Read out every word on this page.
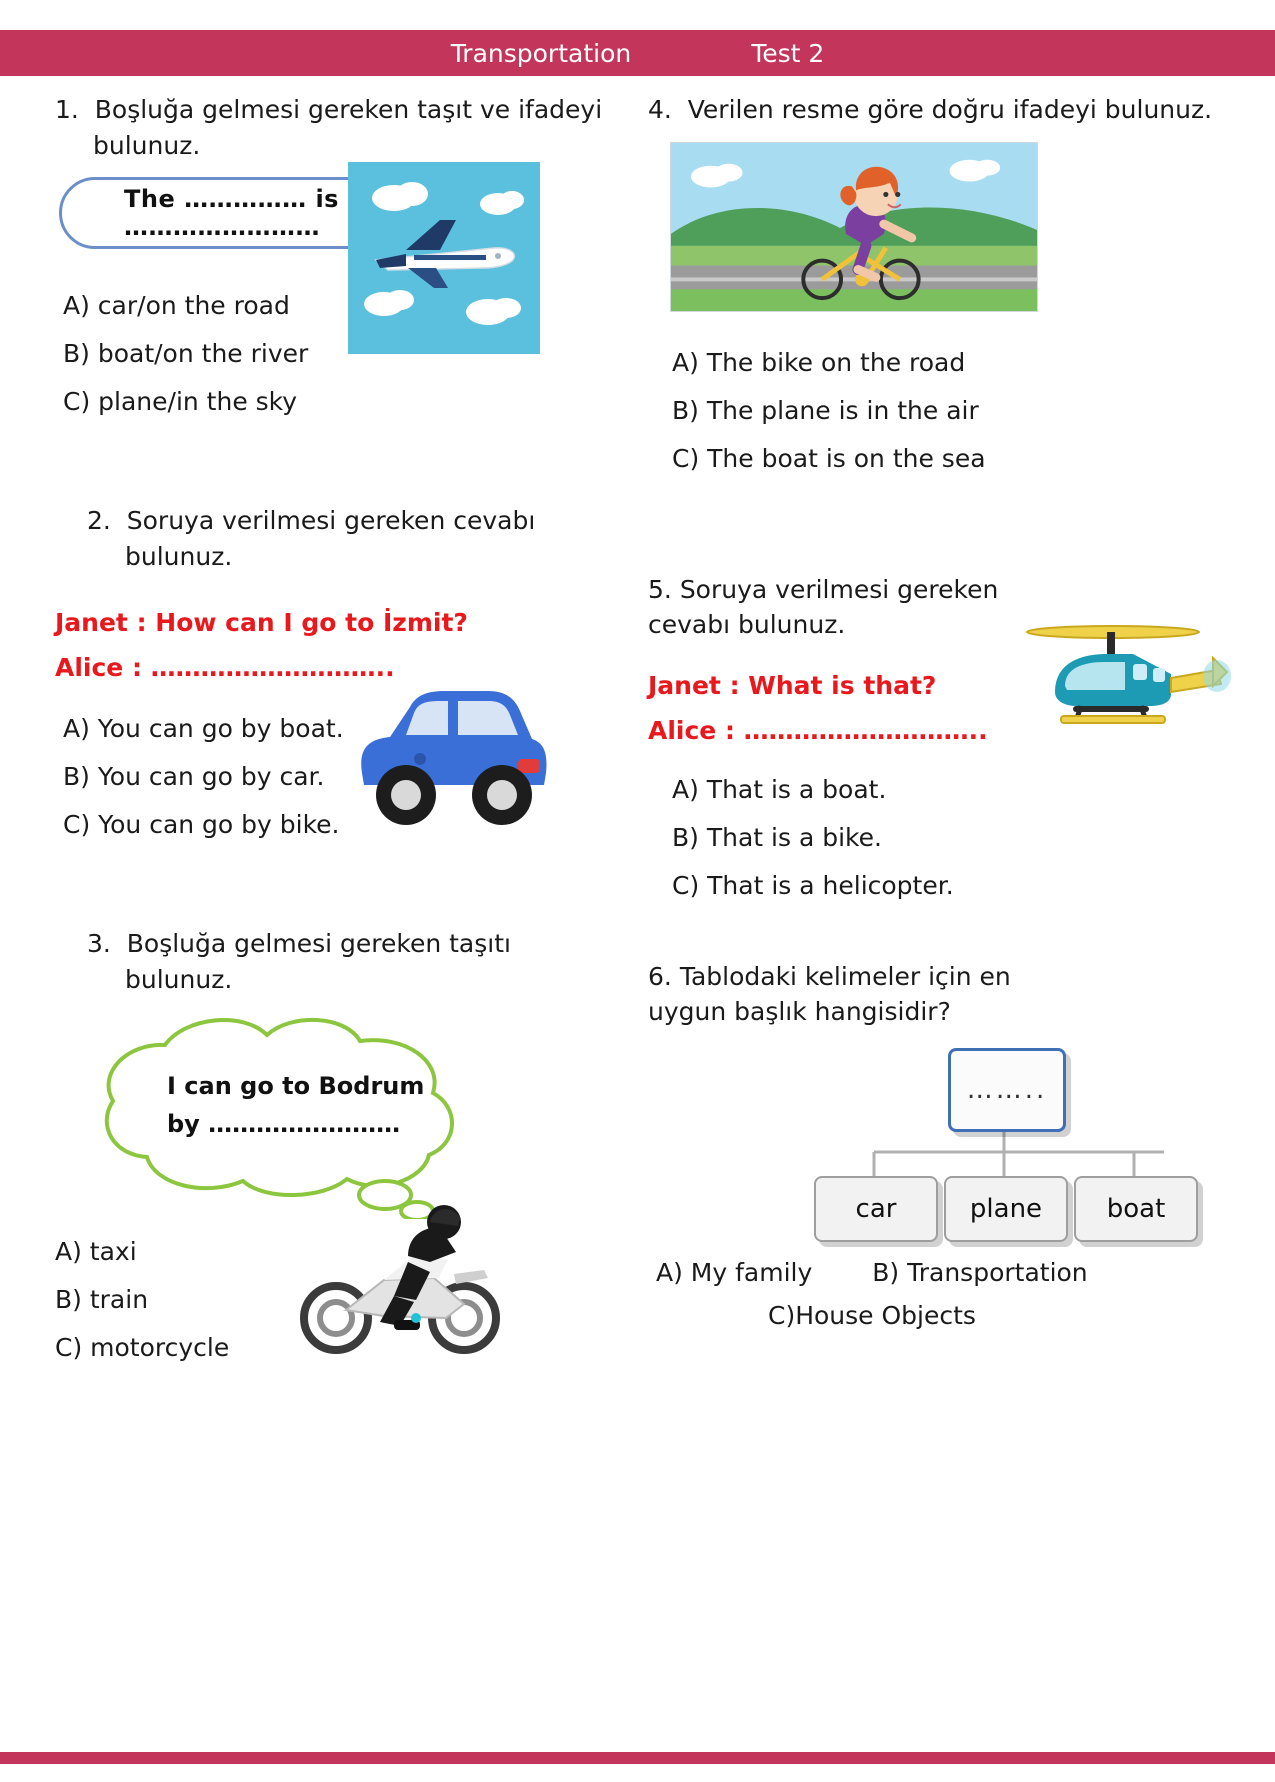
Transportation	Test 2
1. Boşluğa gelmesi gereken taşıt ve ifadeyi bulunuz.
The …………… is ……………………
A) car/on the road
B) boat/on the river
C) plane/in the sky
2. Soruya verilmesi gereken cevabı bulunuz.
Janet : How can I go to İzmit?
Alice : ………………………..
A) You can go by boat.
B) You can go by car.
C) You can go by bike.
3. Boşluğa gelmesi gereken taşıtı bulunuz.
I can go to Bodrum
by ……………………
A) taxi
B) train
C) motorcycle
4. Verilen resme göre doğru ifadeyi bulunuz.
A) The bike on the road
B) The plane is in the air
C) The boat is on the sea
5. Soruya verilmesi gereken cevabı bulunuz.
Janet : What is that?
Alice : ………………………..
A) That is a boat.
B) That is a bike.
C) That is a helicopter.
6. Tablodaki kelimeler için en uygun başlık hangisidir?
……..
car	plane	boat
A) My family B) Transportation
C)House Objects
